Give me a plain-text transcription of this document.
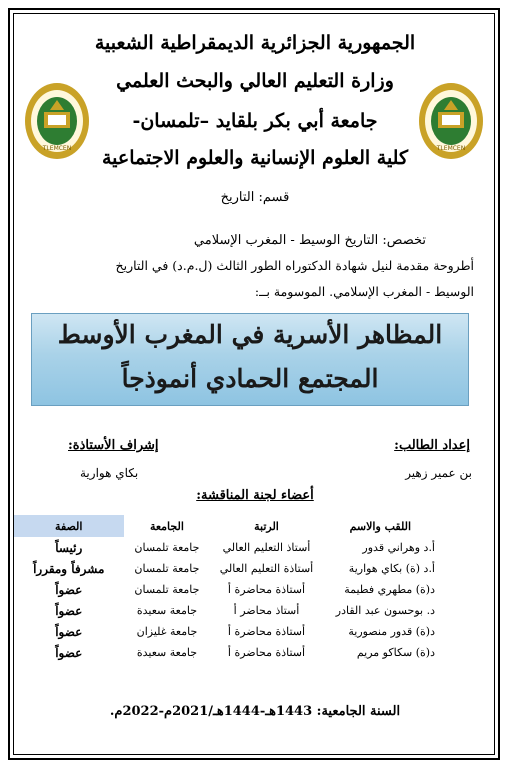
TLEMCEN	TLEMCEN
الجمهورية الجزائرية الديمقراطية الشعبية
وزارة التعليم العالي والبحث العلمي
جامعة أبي بكر بلقايد –تلمسان-
كلية العلوم الإنسانية والعلوم الاجتماعية
قسم: التاريخ
تخصص: التاريخ الوسيط - المغرب الإسلامي
أطروحة مقدمة لنيل شهادة الدكتوراه الطور الثالث (ل.م.د) في التاريخ
الوسيط - المغرب الإسلامي. الموسومة بــ:
المظاهر الأسرية في المغرب الأوسط
المجتمع الحمادي أنموذجاً
إعداد الطالب:
بن عمير زهير
إشراف الأستاذة:
بكاي هوارية
أعضاء لجنة المناقشة:
اللقب والاسم	الرتبة	الجامعة	الصفة
أ.د وهراني قدور	أستاذ التعليم العالي	جامعة تلمسان	رئيساً
أ.د (ة) بكاي هوارية	أستاذة التعليم العالي	جامعة تلمسان	مشرفاً ومقرراً
د(ة) مطهري فطيمة	أستاذة محاضرة أ	جامعة تلمسان	عضواً
د. بوحسون عبد القادر	أستاذ محاضر أ	جامعة سعيدة	عضواً
د(ة) قدور منصورية	أستاذة محاضرة أ	جامعة غليزان	عضواً
د(ة) سكاكو مريم	أستاذة محاضرة أ	جامعة سعيدة	عضواً
السنة الجامعية: 1443هـ-1444هـ/2021م-2022م.
